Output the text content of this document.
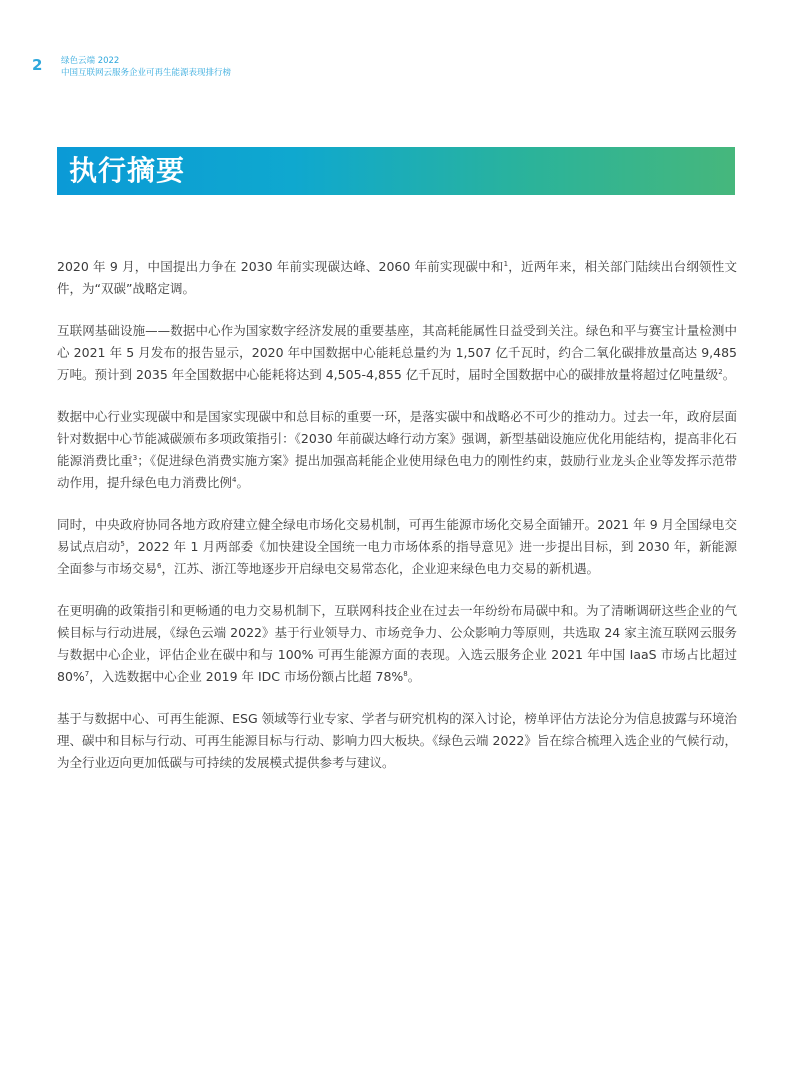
2 绿色云端 2022
中国互联网云服务企业可再生能源表现排行榜
执行摘要

2020 年 9 月，中国提出力争在 2030 年前实现碳达峰、2060 年前实现碳中和$^1$，近两年来，相关部门陆续出台纲领性文件，为“双碳”战略定调。

互联网基础设施——数据中心作为国家数字经济发展的重要基座，其高耗能属性日益受到关注。绿色和平与赛宝计量检测中心 2021 年 5 月发布的报告显示，2020 年中国数据中心能耗总量约为 1,507 亿千瓦时，约合二氧化碳排放量高达 9,485 万吨。预计到 2035 年全国数据中心能耗将达到 4,505-4,855 亿千瓦时，届时全国数据中心的碳排放量将超过亿吨量级$^2$。

数据中心行业实现碳中和是国家实现碳中和总目标的重要一环，是落实碳中和战略必不可少的推动力。过去一年，政府层面针对数据中心节能减碳颁布多项政策指引：《2030 年前碳达峰行动方案》强调，新型基础设施应优化用能结构，提高非化石能源消费比重$^3$；《促进绿色消费实施方案》提出加强高耗能企业使用绿色电力的刚性约束，鼓励行业龙头企业等发挥示范带动作用，提升绿色电力消费比例$^4$。

同时，中央政府协同各地方政府建立健全绿电市场化交易机制，可再生能源市场化交易全面铺开。2021 年 9 月全国绿电交易试点启动$^5$，2022 年 1 月两部委《加快建设全国统一电力市场体系的指导意见》进一步提出目标，到 2030 年，新能源全面参与市场交易$^6$，江苏、浙江等地逐步开启绿电交易常态化，企业迎来绿色电力交易的新机遇。

在更明确的政策指引和更畅通的电力交易机制下，互联网科技企业在过去一年纷纷布局碳中和。为了清晰调研这些企业的气候目标与行动进展，《绿色云端 2022》基于行业领导力、市场竞争力、公众影响力等原则，共选取 24 家主流互联网云服务与数据中心企业，评估企业在碳中和与 100% 可再生能源方面的表现。入选云服务企业 2021 年中国 IaaS 市场占比超过 80%$^7$，入选数据中心企业 2019 年 IDC 市场份额占比超 78%$^8$。

基于与数据中心、可再生能源、ESG 领域等行业专家、学者与研究机构的深入讨论，榜单评估方法论分为信息披露与环境治理、碳中和目标与行动、可再生能源目标与行动、影响力四大板块。《绿色云端 2022》旨在综合梳理入选企业的气候行动，为全行业迈向更加低碳与可持续的发展模式提供参考与建议。
